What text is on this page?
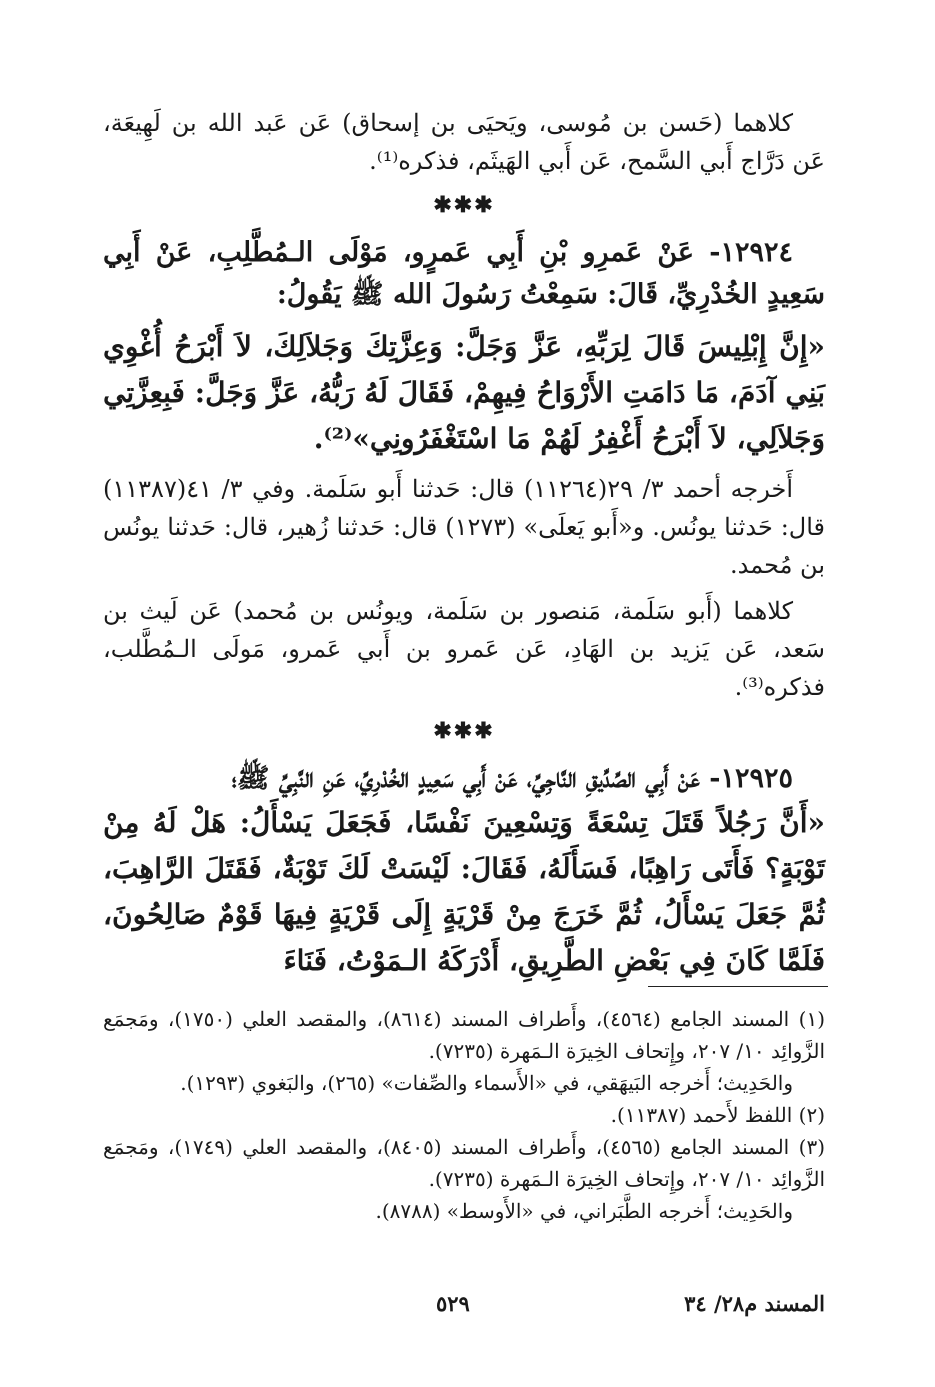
كلاهما (حَسن بن مُوسى، ويَحيَى بن إسحاق) عَن عَبد الله بن لَهِيعَة، عَن دَرَّاج أَبي السَّمح، عَن أَبي الهَيثَم، فذكره⁽¹⁾.

✱✱✱

١٢٩٢٤- عَنْ عَمرِو بْنِ أَبِي عَمرٍو، مَوْلَى الـمُطَّلِبِ، عَنْ أَبِي سَعِيدٍ الخُدْرِيِّ، قَالَ: سَمِعْتُ رَسُولَ الله ﷺ يَقُولُ:

«إِنَّ إِبْلِيسَ قَالَ لِرَبِّهِ، عَزَّ وَجَلَّ: وَعِزَّتِكَ وَجَلاَلِكَ، لاَ أَبْرَحُ أُغْوِي بَنِي آدَمَ، مَا دَامَتِ الأَرْوَاحُ فِيهِمْ، فَقَالَ لَهُ رَبُّهُ، عَزَّ وَجَلَّ: فَبِعِزَّتِي وَجَلاَلِي، لاَ أَبْرَحُ أَغْفِرُ لَهُمْ مَا اسْتَغْفَرُونِي»⁽²⁾.

أَخرجه أحمد ٣/ ٢٩(١١٢٦٤) قال: حَدثنا أَبو سَلَمة. وفي ٣/ ٤١(١١٣٨٧) قال: حَدثنا يونُس. و«أَبو يَعلَى» (١٢٧٣) قال: حَدثنا زُهير، قال: حَدثنا يونُس بن مُحمد.

كلاهما (أَبو سَلَمة، مَنصور بن سَلَمة، ويونُس بن مُحمد) عَن لَيث بن سَعد، عَن يَزيد بن الهَادِ، عَن عَمرو بن أَبي عَمرو، مَولَى الـمُطَّلب، فذكره⁽³⁾.

✱✱✱

١٢٩٢٥- عَنْ أَبِي الصِّدِّيقِ النَّاجِيِّ، عَنْ أَبِي سَعِيدٍ الخُدْرِيِّ، عَنِ النَّبِيِّ ﷺ؛

«أَنَّ رَجُلاً قَتَلَ تِسْعَةً وَتِسْعِينَ نَفْسًا، فَجَعَلَ يَسْأَلُ: هَلْ لَهُ مِنْ تَوْبَةٍ؟ فَأَتَى رَاهِبًا، فَسَأَلَهُ، فَقَالَ: لَيْسَتْ لَكَ تَوْبَةٌ، فَقَتَلَ الرَّاهِبَ، ثُمَّ جَعَلَ يَسْأَلُ، ثُمَّ خَرَجَ مِنْ قَرْيَةٍ إِلَى قَرْيَةٍ فِيهَا قَوْمٌ صَالِحُونَ، فَلَمَّا كَانَ فِي بَعْضِ الطَّرِيقِ، أَدْرَكَهُ الـمَوْتُ، فَنَاءَ

(١) المسند الجامع (٤٥٦٤)، وأَطراف المسند (٨٦١٤)، والمقصد العلي (١٧٥٠)، ومَجمَع الزَّوائِد ١٠/ ٢٠٧، وإِتحاف الخِيرَة الـمَهرة (٧٢٣٥).

والحَدِيث؛ أَخرجه البَيهَقي، في «الأَسماء والصِّفات» (٢٦٥)، والبَغوي (١٢٩٣).

(٢) اللفظ لأَحمد (١١٣٨٧).

(٣) المسند الجامع (٤٥٦٥)، وأَطراف المسند (٨٤٠٥)، والمقصد العلي (١٧٤٩)، ومَجمَع الزَّوائِد ١٠/ ٢٠٧، وإِتحاف الخِيرَة الـمَهرة (٧٢٣٥).

والحَدِيث؛ أَخرجه الطَّبَراني، في «الأَوسط» (٨٧٨٨).

المسند م٢٨/ ٣٤
٥٢٩
